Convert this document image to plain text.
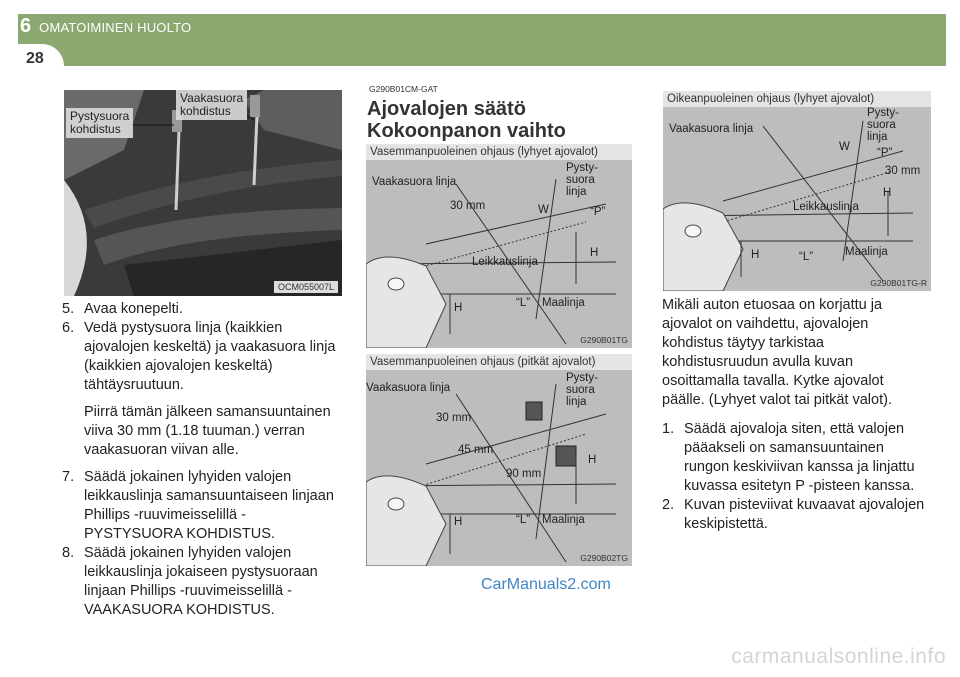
6 OMATOIMINEN HUOLTO
28
Pystysuora
kohdistus
Vaakasuora
kohdistus
OCM055007L

5. Avaa konepelti.

6. Vedä pystysuora linja (kaikkien ajovalojen keskeltä) ja vaakasuora linja (kaikkien ajovalojen keskeltä) tähtäysruutuun.

Piirrä tämän jälkeen samansuuntainen viiva 30 mm (1.18 tuuman.) verran vaakasuoran viivan alle.

7. Säädä jokainen lyhyiden valojen leikkauslinja samansuuntaiseen linjaan Phillips -ruuvimeisselillä - PYSTYSUORA KOHDISTUS.

8. Säädä jokainen lyhyiden valojen leikkauslinja jokaiseen pystysuoraan linjaan Phillips -ruuvimeisselillä - VAAKASUORA KOHDISTUS.

G290B01CM-GAT
Ajovalojen säätö
Kokoonpanon vaihto
Vasemmanpuoleinen ohjaus (lyhyet ajovalot)
Vaakasuora linja
Pysty-
suora
linja
30 mm	W	“P”
Leikkauslinja
H
H	“L” Maalinja
G290B01TG
Vasemmanpuoleinen ohjaus (pitkät ajovalot)
Vaakasuora linja
Pysty-
suora
linja
30 mm
45 mm
90 mm
H
H	“L” Maalinja
G290B02TG
CarManuals2.com
Oikeanpuoleinen ohjaus (lyhyet ajovalot)
Vaakasuora linja
Pysty-
suora
linja
W “P”
30 mm
H
Leikkauslinja
H	“L”	Maalinja
G290B01TG-R

Mikäli auton etuosaa on korjattu ja ajovalot on vaihdettu, ajovalojen kohdistus täytyy tarkistaa kohdistusruudun avulla kuvan osoittamalla tavalla. Kytke ajovalot päälle. (Lyhyet valot tai pitkät valot).

1. Säädä ajovaloja siten, että valojen pääakseli on samansuuntainen rungon keskiviivan kanssa ja linjattu kuvassa esitetyn P -pisteen kanssa.

2. Kuvan pisteviivat kuvaavat ajovalojen keskipistettä.

carmanualsonline.info
